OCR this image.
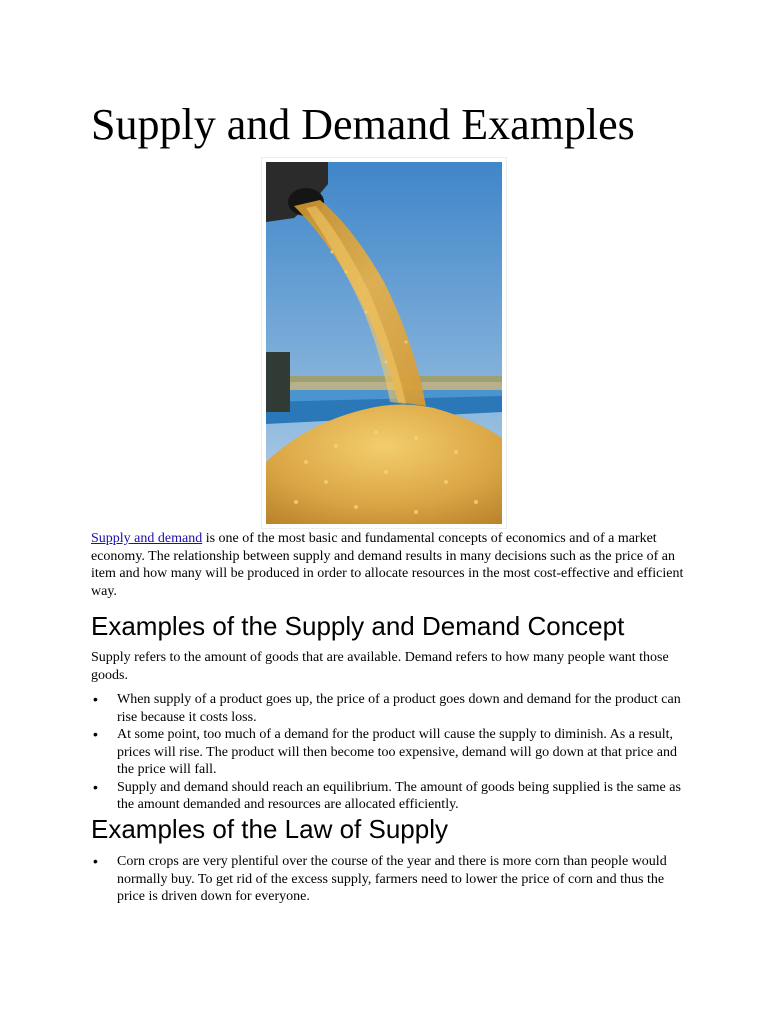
Supply and Demand Examples

Supply and demand is one of the most basic and fundamental concepts of economics and of a market economy. The relationship between supply and demand results in many decisions such as the price of an item and how many will be produced in order to allocate resources in the most cost-effective and efficient way.

Examples of the Supply and Demand Concept

Supply refers to the amount of goods that are available. Demand refers to how many people want those goods.

• When supply of a product goes up, the price of a product goes down and demand for the product can rise because it costs loss.
• At some point, too much of a demand for the product will cause the supply to diminish. As a result, prices will rise. The product will then become too expensive, demand will go down at that price and the price will fall.
• Supply and demand should reach an equilibrium. The amount of goods being supplied is the same as the amount demanded and resources are allocated efficiently.
Examples of the Law of Supply
• Corn crops are very plentiful over the course of the year and there is more corn than people would normally buy. To get rid of the excess supply, farmers need to lower the price of corn and thus the price is driven down for everyone.
